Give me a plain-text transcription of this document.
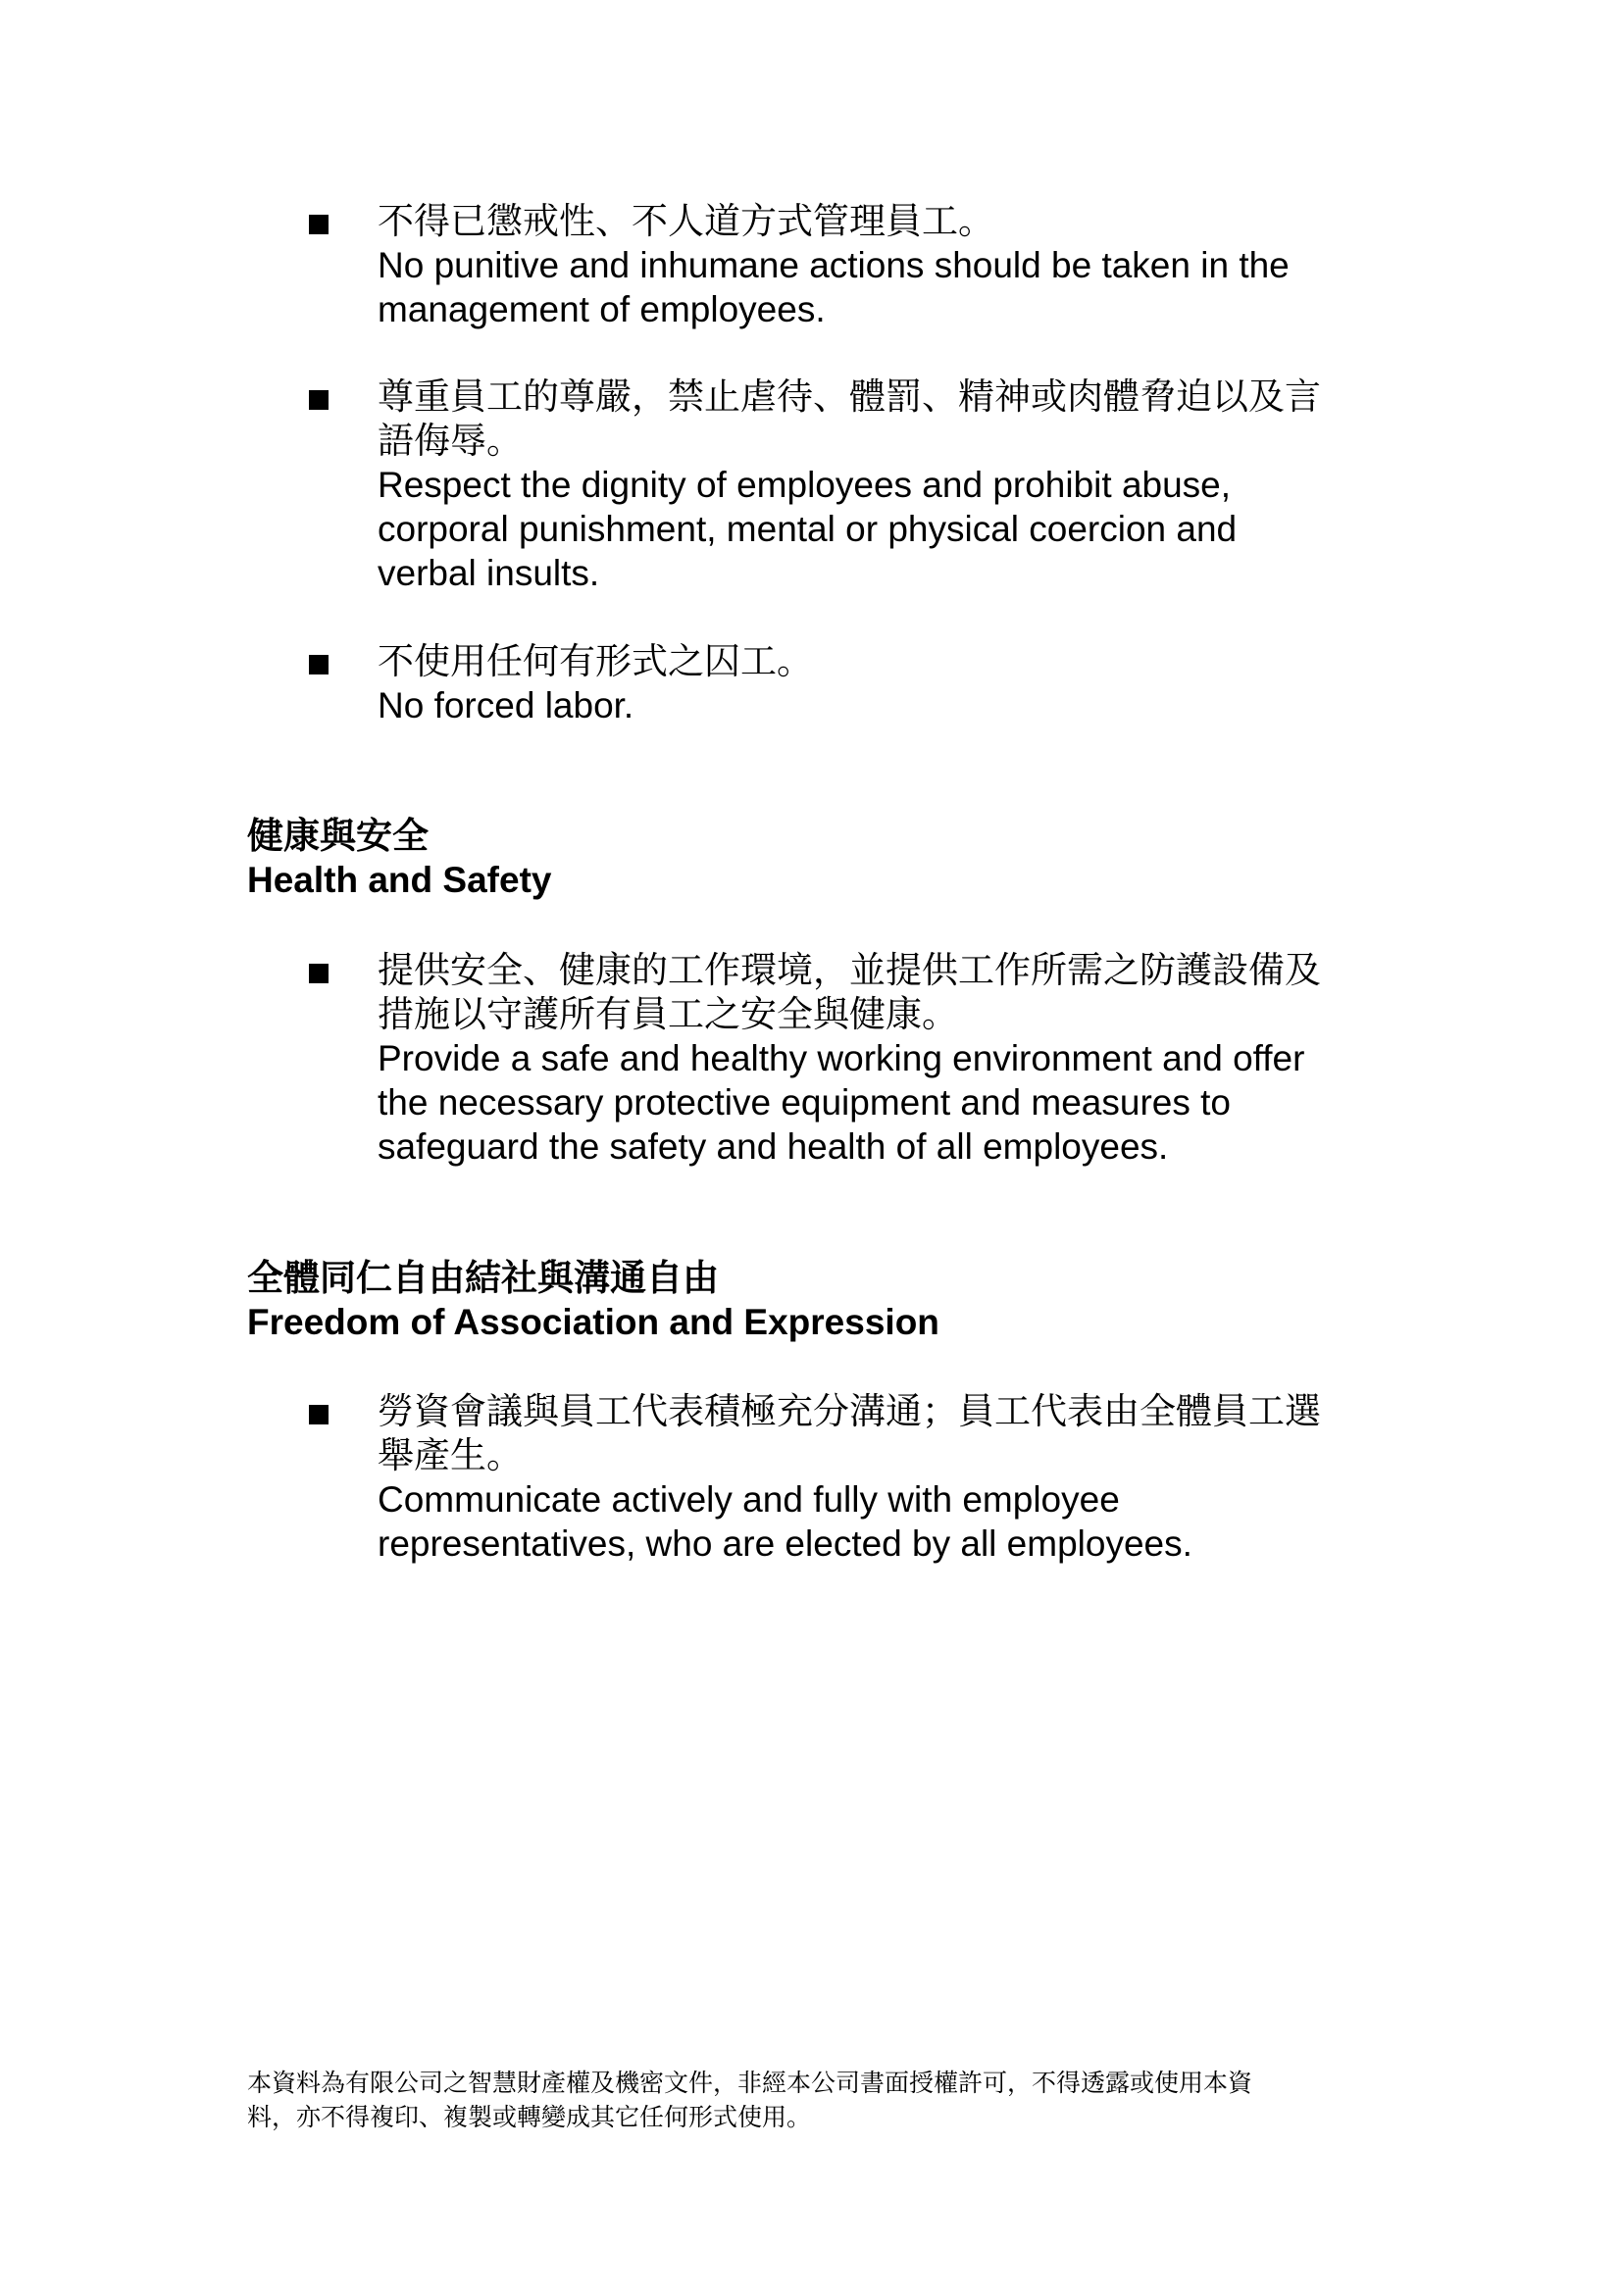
不得已懲戒性、不人道方式管理員工。
No punitive and inhumane actions should be taken in the
management of employees.
尊重員工的尊嚴，禁止虐待、體罰、精神或肉體脅迫以及言
語侮辱。
Respect the dignity of employees and prohibit abuse,
corporal punishment, mental or physical coercion and
verbal insults.
不使用任何有形式之囚工。
No forced labor.
健康與安全
Health and Safety
提供安全、健康的工作環境，並提供工作所需之防護設備及
措施以守護所有員工之安全與健康。
Provide a safe and healthy working environment and offer
the necessary protective equipment and measures to
safeguard the safety and health of all employees.
全體同仁自由結社與溝通自由
Freedom of Association and Expression
勞資會議與員工代表積極充分溝通；員工代表由全體員工選
舉產生。
Communicate actively and fully with employee
representatives, who are elected by all employees.
本資料為有限公司之智慧財產權及機密文件，非經本公司書面授權許可，不得透露或使用本資
料，亦不得複印、複製或轉變成其它任何形式使用。
